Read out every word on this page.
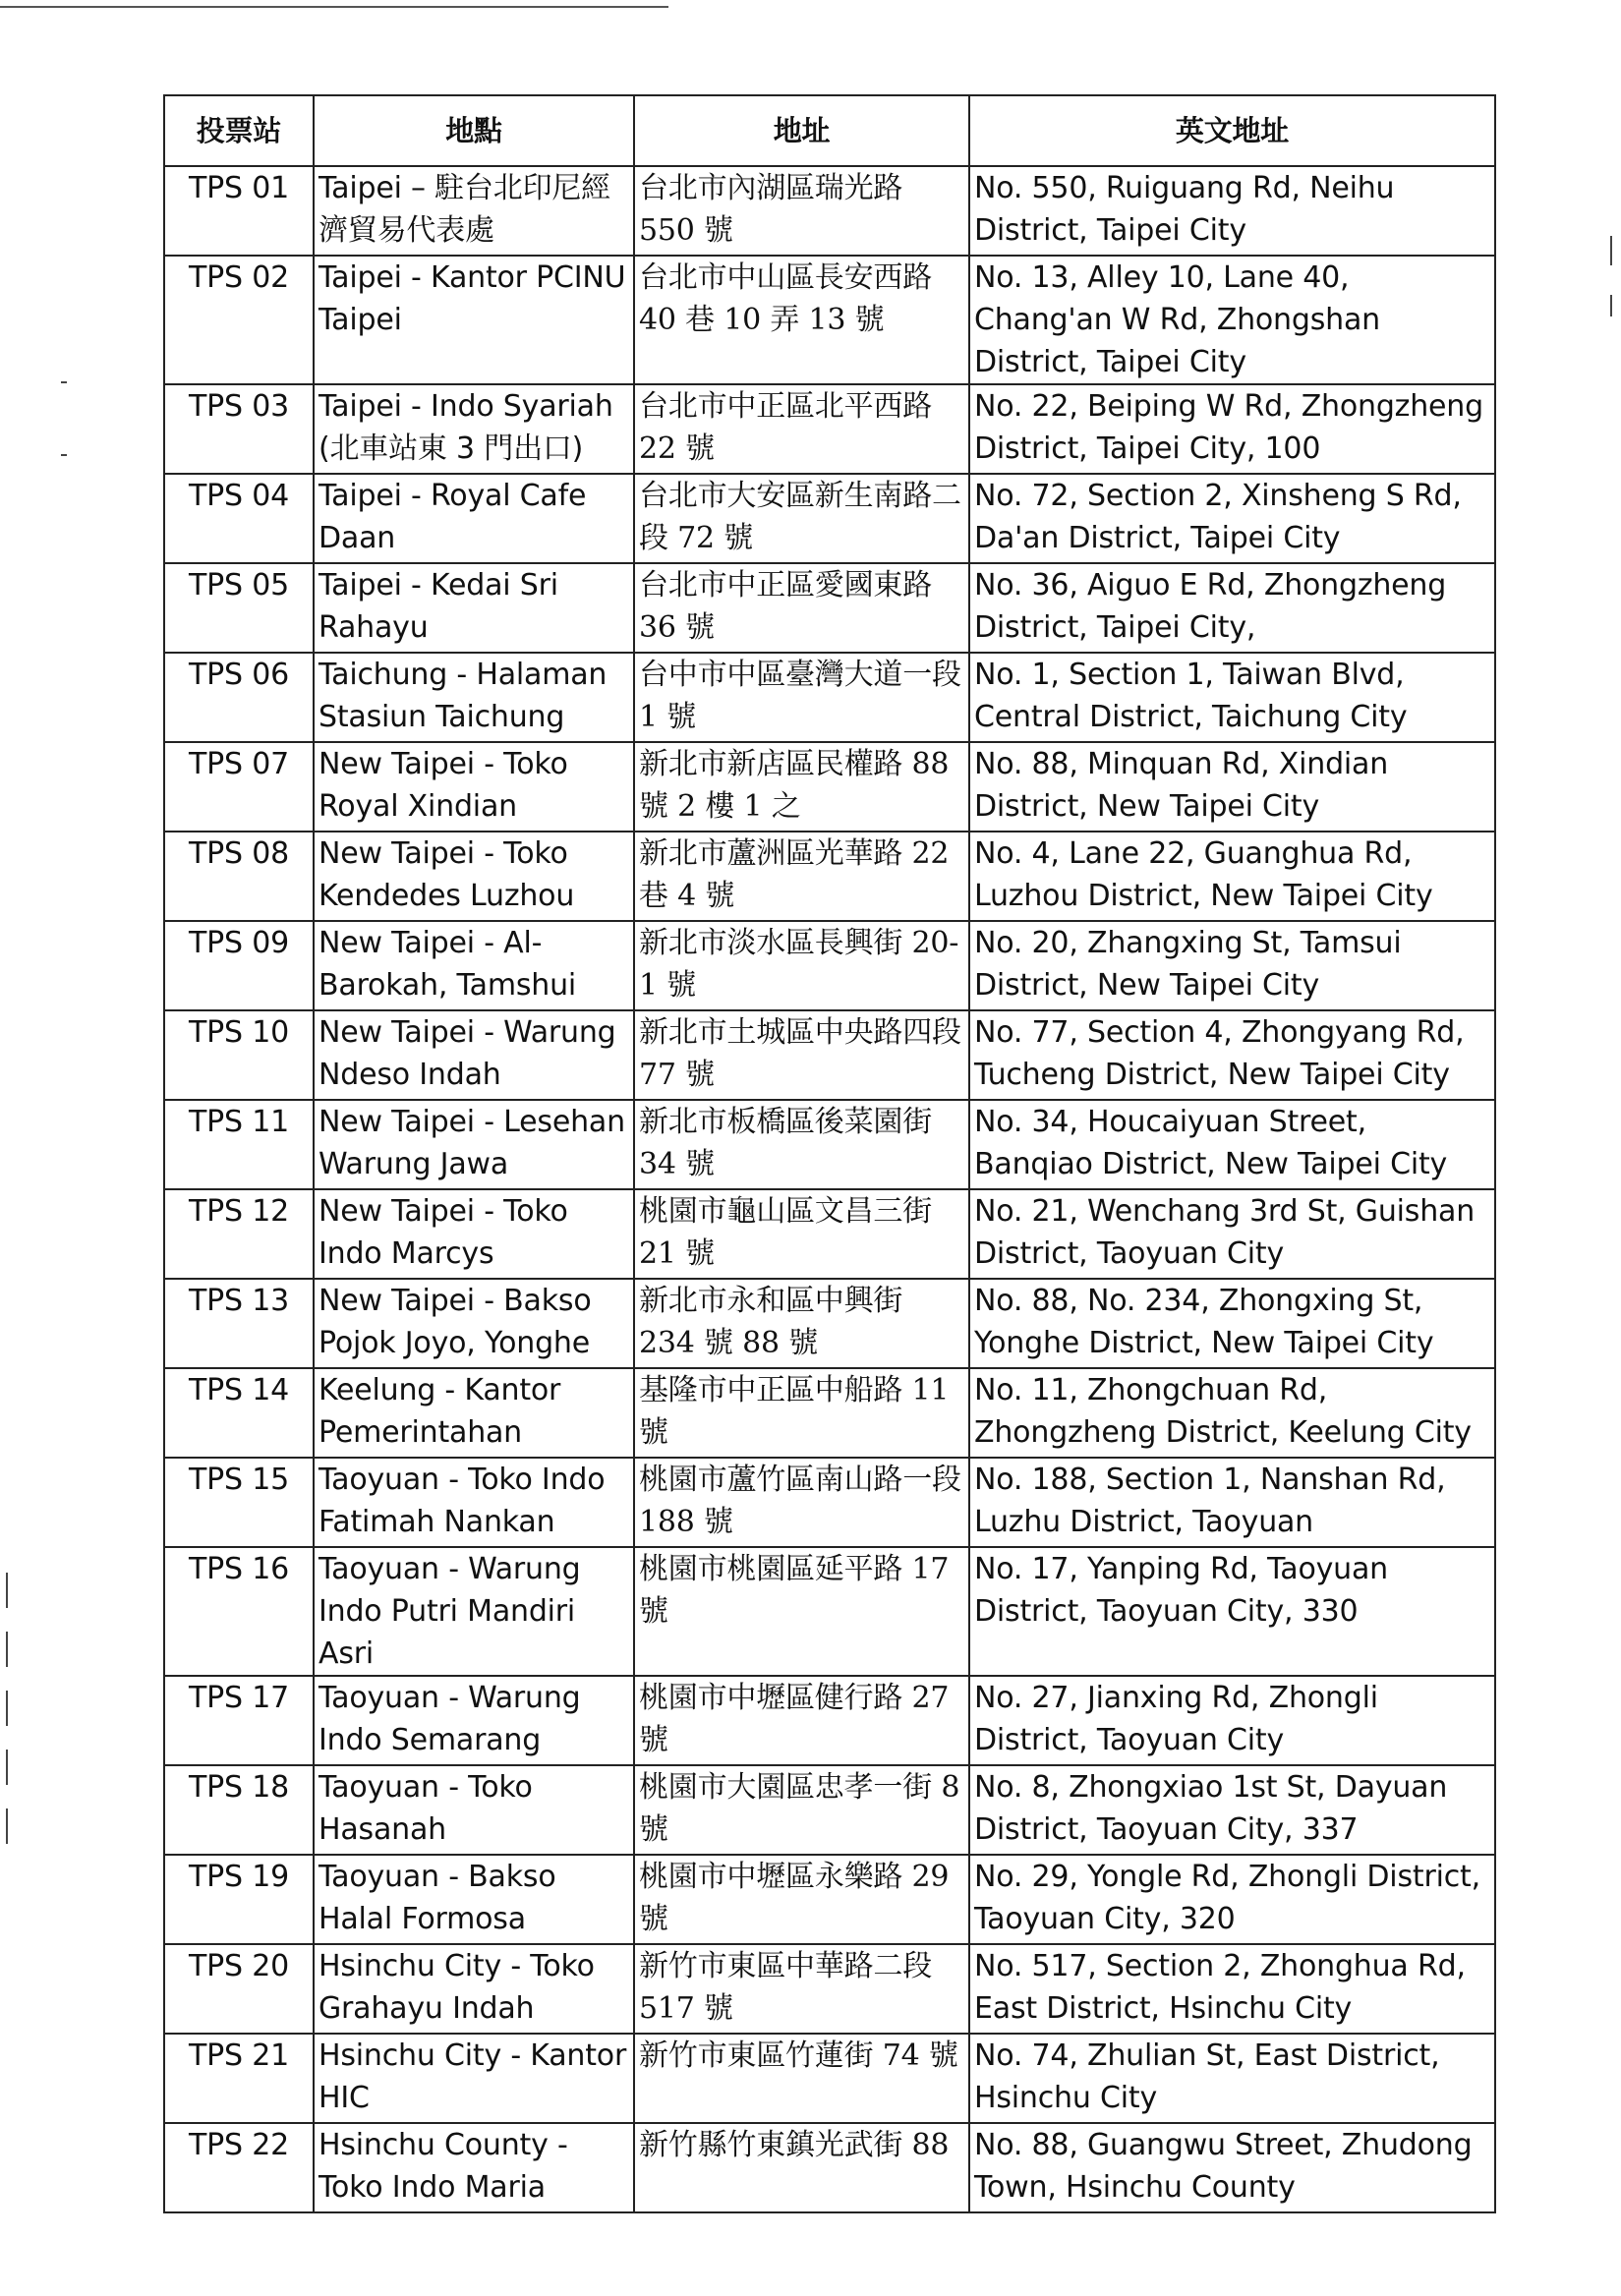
投票站	地點	地址	英文地址
TPS 01	Taipei – 駐台北印尼經濟貿易代表處	台北市內湖區瑞光路 550 號	No. 550, Ruiguang Rd, Neihu District, Taipei City
TPS 02	Taipei - Kantor PCINU Taipei	台北市中山區長安西路 40 巷 10 弄 13 號	No. 13, Alley 10, Lane 40, Chang'an W Rd, Zhongshan District, Taipei City
TPS 03	Taipei - Indo Syariah (北車站東 3 門出口)	台北市中正區北平西路 22 號	No. 22, Beiping W Rd, Zhongzheng District, Taipei City, 100
TPS 04	Taipei - Royal Cafe Daan	台北市大安區新生南路二段 72 號	No. 72, Section 2, Xinsheng S Rd, Da'an District, Taipei City
TPS 05	Taipei - Kedai Sri Rahayu	台北市中正區愛國東路 36 號	No. 36, Aiguo E Rd, Zhongzheng District, Taipei City,
TPS 06	Taichung - Halaman Stasiun Taichung	台中市中區臺灣大道一段 1 號	No. 1, Section 1, Taiwan Blvd, Central District, Taichung City
TPS 07	New Taipei - Toko Royal Xindian	新北市新店區民權路 88 號 2 樓 1 之	No. 88, Minquan Rd, Xindian District, New Taipei City
TPS 08	New Taipei - Toko Kendedes Luzhou	新北市蘆洲區光華路 22 巷 4 號	No. 4, Lane 22, Guanghua Rd, Luzhou District, New Taipei City
TPS 09	New Taipei - Al-Barokah, Tamshui	新北市淡水區長興街 20-1 號	No. 20, Zhangxing St, Tamsui District, New Taipei City
TPS 10	New Taipei - Warung Ndeso Indah	新北市土城區中央路四段 77 號	No. 77, Section 4, Zhongyang Rd, Tucheng District, New Taipei City
TPS 11	New Taipei - Lesehan Warung Jawa	新北市板橋區後菜園街 34 號	No. 34, Houcaiyuan Street, Banqiao District, New Taipei City
TPS 12	New Taipei - Toko Indo Marcys	桃園市龜山區文昌三街 21 號	No. 21, Wenchang 3rd St, Guishan District, Taoyuan City
TPS 13	New Taipei - Bakso Pojok Joyo, Yonghe	新北市永和區中興街 234 號 88 號	No. 88, No. 234, Zhongxing St, Yonghe District, New Taipei City
TPS 14	Keelung - Kantor Pemerintahan	基隆市中正區中船路 11 號	No. 11, Zhongchuan Rd, Zhongzheng District, Keelung City
TPS 15	Taoyuan - Toko Indo Fatimah Nankan	桃園市蘆竹區南山路一段 188 號	No. 188, Section 1, Nanshan Rd, Luzhu District, Taoyuan
TPS 16	Taoyuan - Warung Indo Putri Mandiri Asri	桃園市桃園區延平路 17 號	No. 17, Yanping Rd, Taoyuan District, Taoyuan City, 330
TPS 17	Taoyuan - Warung Indo Semarang	桃園市中壢區健行路 27 號	No. 27, Jianxing Rd, Zhongli District, Taoyuan City
TPS 18	Taoyuan - Toko Hasanah	桃園市大園區忠孝一街 8 號	No. 8, Zhongxiao 1st St, Dayuan District, Taoyuan City, 337
TPS 19	Taoyuan - Bakso Halal Formosa	桃園市中壢區永樂路 29 號	No. 29, Yongle Rd, Zhongli District, Taoyuan City, 320
TPS 20	Hsinchu City - Toko Grahayu Indah	新竹市東區中華路二段 517 號	No. 517, Section 2, Zhonghua Rd, East District, Hsinchu City
TPS 21	Hsinchu City - Kantor HIC	新竹市東區竹蓮街 74 號	No. 74, Zhulian St, East District, Hsinchu City
TPS 22	Hsinchu County - Toko Indo Maria	新竹縣竹東鎮光武街 88	No. 88, Guangwu Street, Zhudong Town, Hsinchu County
